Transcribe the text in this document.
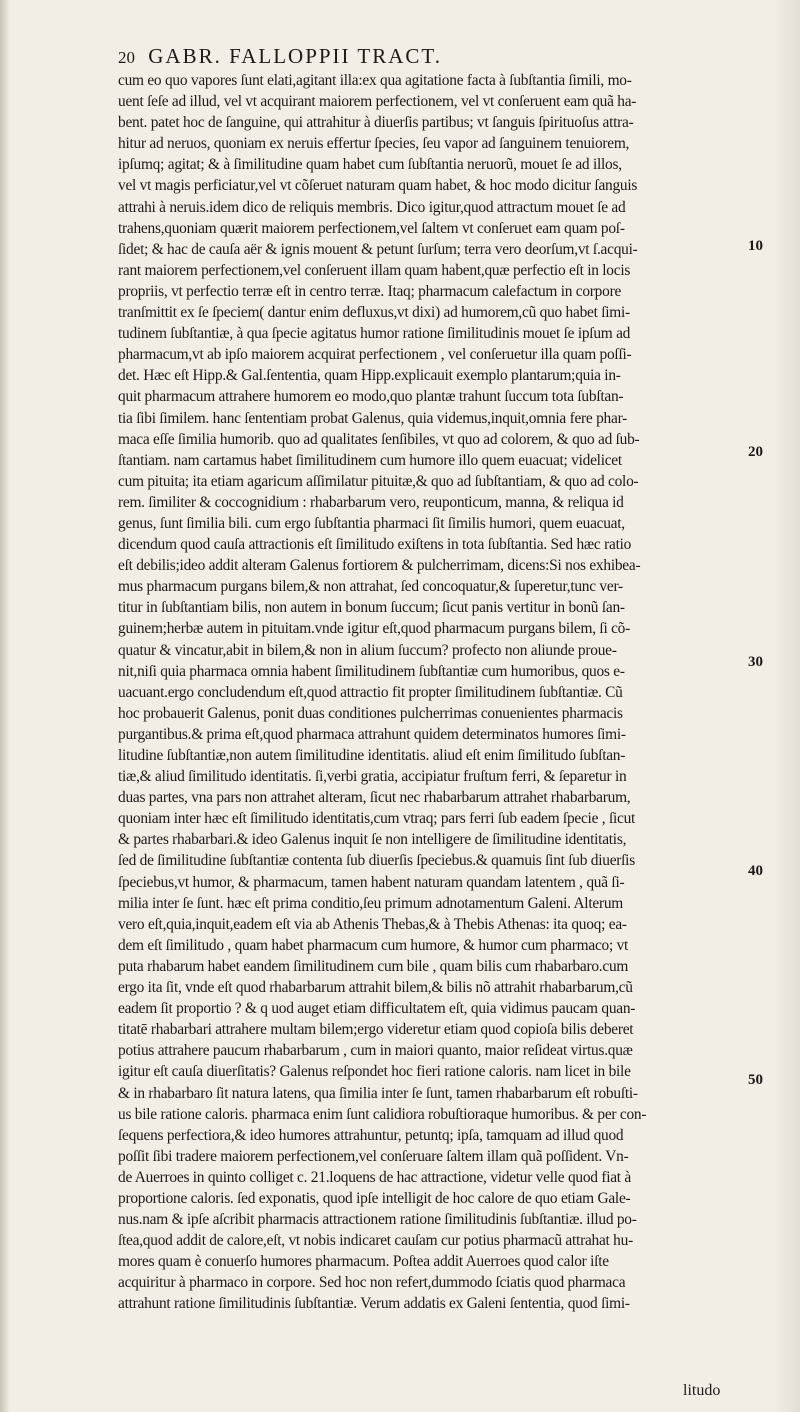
20 GABR. FALLOPPII TRACT.
cum eo quo vapores ſunt elati,agitant illa:ex qua agitatione facta à ſubſtantia ſimili, mo-
uent ſeſe ad illud, vel vt acquirant maiorem perfectionem, vel vt conſeruent eam quã ha-
bent. patet hoc de ſanguine, qui attrahitur à diuerſis partibus; vt ſanguis ſpirituoſus attra-
hitur ad neruos, quoniam ex neruis effertur ſpecies, ſeu vapor ad ſanguinem tenuiorem,
ipſumq; agitat; & à ſimilitudine quam habet cum ſubſtantia neruorũ, mouet ſe ad illos,
vel vt magis perficiatur,vel vt cõſeruet naturam quam habet, & hoc modo dicitur ſanguis
attrahi à neruis.idem dico de reliquis membris. Dico igitur,quod attractum mouet ſe ad
trahens,quoniam quærit maiorem perfectionem,vel ſaltem vt conſeruet eam quam poſ-
ſidet; & hac de cauſa aër & ignis mouent & petunt ſurſum; terra vero deorſum,vt ſ.acqui-
rant maiorem perfectionem,vel conſeruent illam quam habent,quæ perfectio eſt in locis
propriis, vt perfectio terræ eſt in centro terræ. Itaq; pharmacum calefactum in corpore
tranſmittit ex ſe ſpeciem( dantur enim defluxus,vt dixi) ad humorem,cũ quo habet ſimi-
tudinem ſubſtantiæ, à qua ſpecie agitatus humor ratione ſimilitudinis mouet ſe ipſum ad
pharmacum,vt ab ipſo maiorem acquirat perfectionem , vel conſeruetur illa quam poſſi-
det. Hæc eſt Hipp.& Gal.ſententia, quam Hipp.explicauit exemplo plantarum;quia in-
quit pharmacum attrahere humorem eo modo,quo plantæ trahunt ſuccum tota ſubſtan-
tia ſibi ſimilem. hanc ſententiam probat Galenus, quia videmus,inquit,omnia fere phar-
maca eſſe ſimilia humorib. quo ad qualitates ſenſibiles, vt quo ad colorem, & quo ad ſub-
ſtantiam. nam cartamus habet ſimilitudinem cum humore illo quem euacuat; videlicet
cum pituita; ita etiam agaricum aſſimilatur pituitæ,& quo ad ſubſtantiam, & quo ad colo-
rem. ſimiliter & coccognidium : rhabarbarum vero, reuponticum, manna, & reliqua id
genus, ſunt ſimilia bili. cum ergo ſubſtantia pharmaci ſit ſimilis humori, quem euacuat,
dicendum quod cauſa attractionis eſt ſimilitudo exiſtens in tota ſubſtantia. Sed hæc ratio
eſt debilis;ideo addit alteram Galenus fortiorem & pulcherrimam, dicens:Si nos exhibea-
mus pharmacum purgans bilem,& non attrahat, ſed concoquatur,& ſuperetur,tunc ver-
titur in ſubſtantiam bilis, non autem in bonum ſuccum; ſicut panis vertitur in bonũ ſan-
guinem;herbæ autem in pituitam.vnde igitur eſt,quod pharmacum purgans bilem, ſi cõ-
quatur & vincatur,abit in bilem,& non in alium ſuccum? profecto non aliunde proue-
nit,niſi quia pharmaca omnia habent ſimilitudinem ſubſtantiæ cum humoribus, quos e-
uacuant.ergo concludendum eſt,quod attractio fit propter ſimilitudinem ſubſtantiæ. Cũ
hoc probauerit Galenus, ponit duas conditiones pulcherrimas conuenientes pharmacis
purgantibus.& prima eſt,quod pharmaca attrahunt quidem determinatos humores ſimi-
litudine ſubſtantiæ,non autem ſimilitudine identitatis. aliud eſt enim ſimilitudo ſubſtan-
tiæ,& aliud ſimilitudo identitatis. ſi,verbi gratia, accipiatur fruſtum ferri, & ſeparetur in
duas partes, vna pars non attrahet alteram, ſicut nec rhabarbarum attrahet rhabarbarum,
quoniam inter hæc eſt ſimilitudo identitatis,cum vtraq; pars ferri ſub eadem ſpecie , ſicut
& partes rhabarbari.& ideo Galenus inquit ſe non intelligere de ſimilitudine identitatis,
ſed de ſimilitudine ſubſtantiæ contenta ſub diuerſis ſpeciebus.& quamuis ſint ſub diuerſis
ſpeciebus,vt humor, & pharmacum, tamen habent naturam quandam latentem , quã ſi-
milia inter ſe ſunt. hæc eſt prima conditio,ſeu primum adnotamentum Galeni. Alterum
vero eſt,quia,inquit,eadem eſt via ab Athenis Thebas,& à Thebis Athenas: ita quoq; ea-
dem eſt ſimilitudo , quam habet pharmacum cum humore, & humor cum pharmaco; vt
puta rhabarum habet eandem ſimilitudinem cum bile , quam bilis cum rhabarbaro.cum
ergo ita ſit, vnde eſt quod rhabarbarum attrahit bilem,& bilis nõ attrahit rhabarbarum,cũ
eadem ſit proportio ? & q uod auget etiam difficultatem eſt, quia vidimus paucam quan-
titatē rhabarbari attrahere multam bilem;ergo videretur etiam quod copioſa bilis deberet
potius attrahere paucum rhabarbarum , cum in maiori quanto, maior reſideat virtus.quæ
igitur eſt cauſa diuerſitatis? Galenus reſpondet hoc fieri ratione caloris. nam licet in bile
& in rhabarbaro ſit natura latens, qua ſimilia inter ſe ſunt, tamen rhabarbarum eſt robuſti-
us bile ratione caloris. pharmaca enim ſunt calidiora robuſtioraque humoribus. & per con-
ſequens perfectiora,& ideo humores attrahuntur, petuntq; ipſa, tamquam ad illud quod
poſſit ſibi tradere maiorem perfectionem,vel conſeruare ſaltem illam quã poſſident. Vn-
de Auerroes in quinto colliget c. 21.loquens de hac attractione, videtur velle quod fiat à
proportione caloris. ſed exponatis, quod ipſe intelligit de hoc calore de quo etiam Gale-
nus.nam & ipſe aſcribit pharmacis attractionem ratione ſimilitudinis ſubſtantiæ. illud po-
ſtea,quod addit de calore,eſt, vt nobis indicaret cauſam cur potius pharmacũ attrahat hu-
mores quam è conuerſo humores pharmacum. Poſtea addit Auerroes quod calor iſte
acquiritur à pharmaco in corpore. Sed hoc non refert,dummodo ſciatis quod pharmaca
attrahunt ratione ſimilitudinis ſubſtantiæ. Verum addatis ex Galeni ſententia, quod ſimi-
10
20
30
40
50
litudo
